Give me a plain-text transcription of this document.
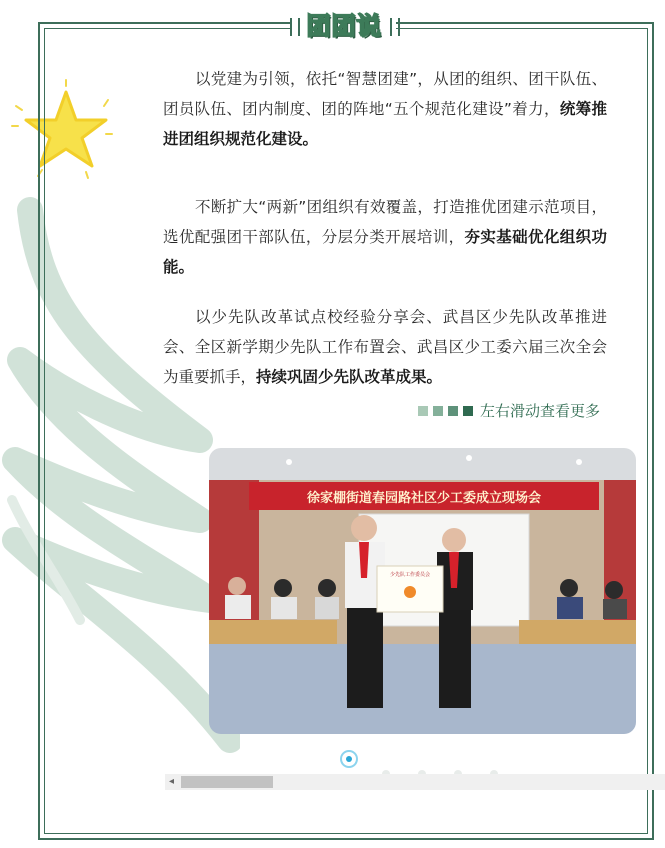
团团说

以党建为引领，依托“智慧团建”，从团的组织、团干队伍、团员队伍、团内制度、团的阵地“五个规范化建设”着力，统筹推进团组织规范化建设。

不断扩大“两新”团组织有效覆盖，打造推优团建示范项目，选优配强团干部队伍，分层分类开展培训，夯实基础优化组织功能。

以少先队改革试点校经验分享会、武昌区少先队改革推进会、全区新学期少先队工作布置会、武昌区少工委六届三次全会为重要抓手，持续巩固少先队改革成果。

左右滑动查看更多
徐家棚街道春园路社区少工委成立现场会
少先队工作委员会
◂
